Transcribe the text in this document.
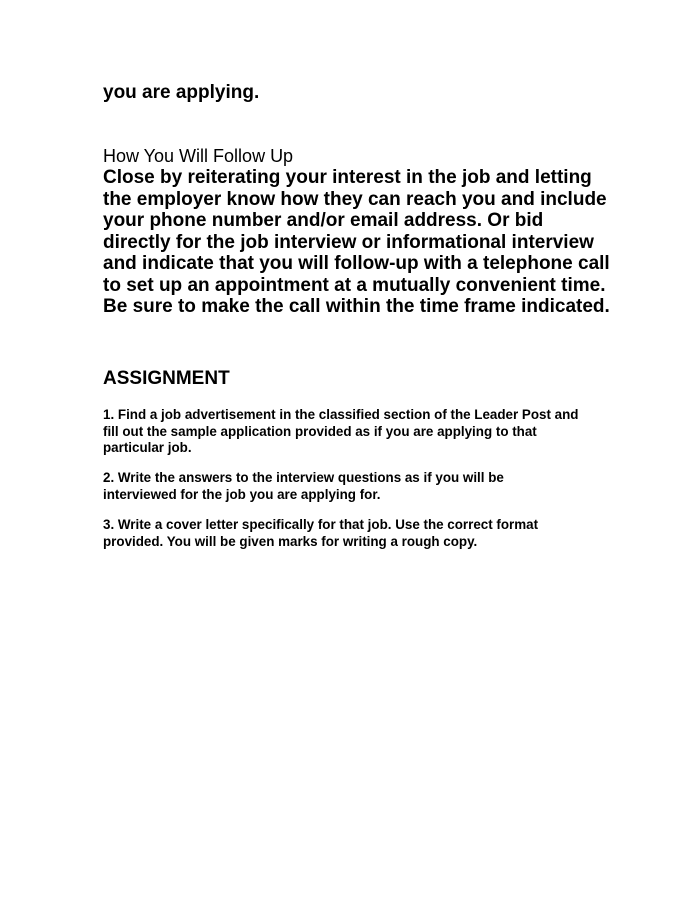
you are applying.

How You Will Follow Up
Close by reiterating your interest in the job and letting
the employer know how they can reach you and include
your phone number and/or email address. Or bid
directly for the job interview or informational interview
and indicate that you will follow-up with a telephone call
to set up an appointment at a mutually convenient time.
Be sure to make the call within the time frame indicated.
ASSIGNMENT
1. Find a job advertisement in the classified section of the Leader Post and
fill out the sample application provided as if you are applying to that
particular job.
2. Write the answers to the interview questions as if you will be
interviewed for the job you are applying for.
3. Write a cover letter specifically for that job. Use the correct format
provided. You will be given marks for writing a rough copy.
